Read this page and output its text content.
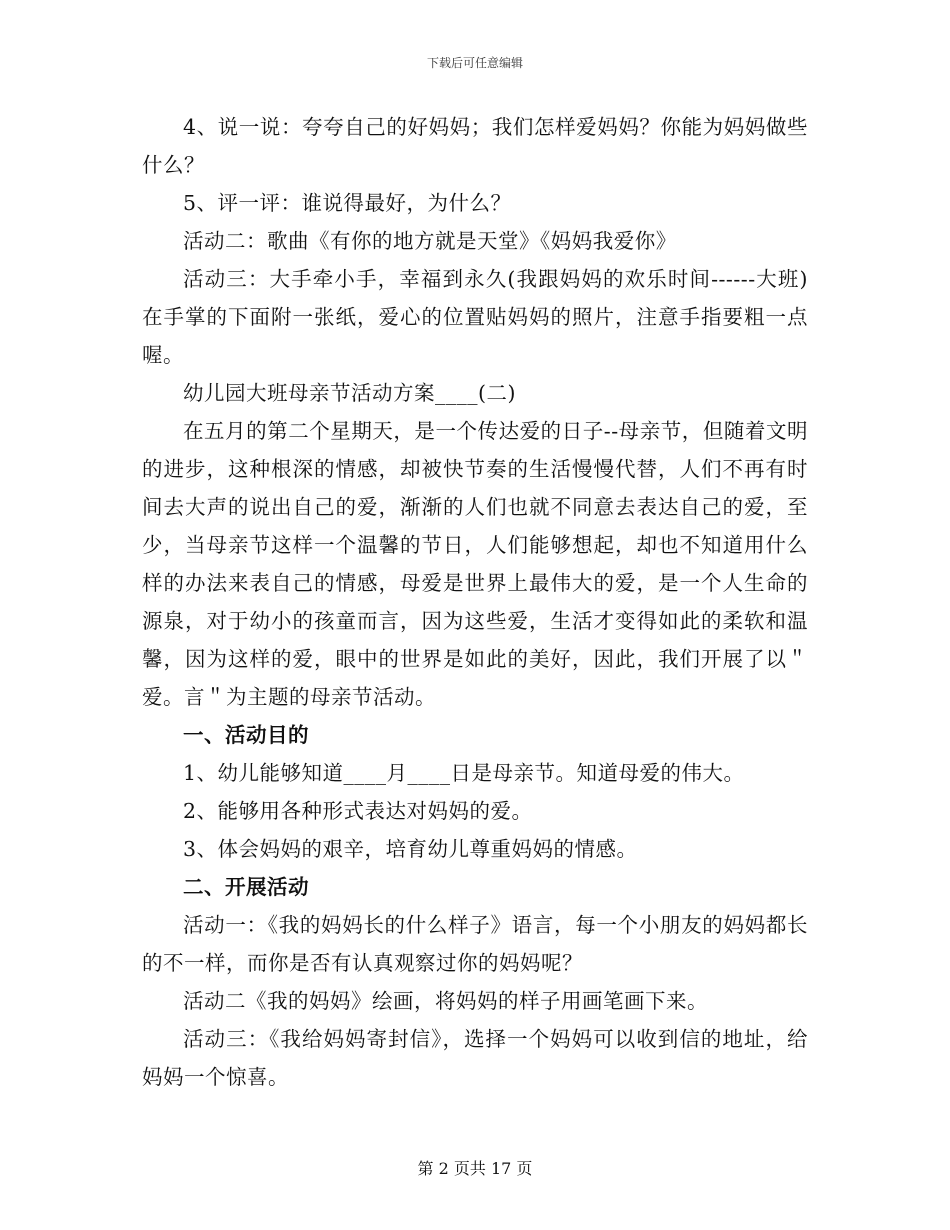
下载后可任意编辑

4、说一说：夸夸自己的好妈妈；我们怎样爱妈妈？你能为妈妈做些什么？

5、评一评：谁说得最好，为什么？

活动二：歌曲《有你的地方就是天堂》《妈妈我爱你》

活动三：大手牵小手，幸福到永久(我跟妈妈的欢乐时间------大班)在手掌的下面附一张纸，爱心的位置贴妈妈的照片，注意手指要粗一点喔。

幼儿园大班母亲节活动方案____(二)

在五月的第二个星期天，是一个传达爱的日子--母亲节，但随着文明的进步，这种根深的情感，却被快节奏的生活慢慢代替，人们不再有时间去大声的说出自己的爱，渐渐的人们也就不同意去表达自己的爱，至少，当母亲节这样一个温馨的节日，人们能够想起，却也不知道用什么样的办法来表自己的情感，母爱是世界上最伟大的爱，是一个人生命的源泉，对于幼小的孩童而言，因为这些爱，生活才变得如此的柔软和温馨，因为这样的爱，眼中的世界是如此的美好，因此，我们开展了以＂爱。言＂为主题的母亲节活动。

一、活动目的

1、幼儿能够知道____月____日是母亲节。知道母爱的伟大。

2、能够用各种形式表达对妈妈的爱。

3、体会妈妈的艰辛，培育幼儿尊重妈妈的情感。

二、开展活动

活动一：《我的妈妈长的什么样子》语言，每一个小朋友的妈妈都长的不一样，而你是否有认真观察过你的妈妈呢？

活动二《我的妈妈》绘画，将妈妈的样子用画笔画下来。

活动三：《我给妈妈寄封信》，选择一个妈妈可以收到信的地址，给妈妈一个惊喜。

第 2 页共 17 页
